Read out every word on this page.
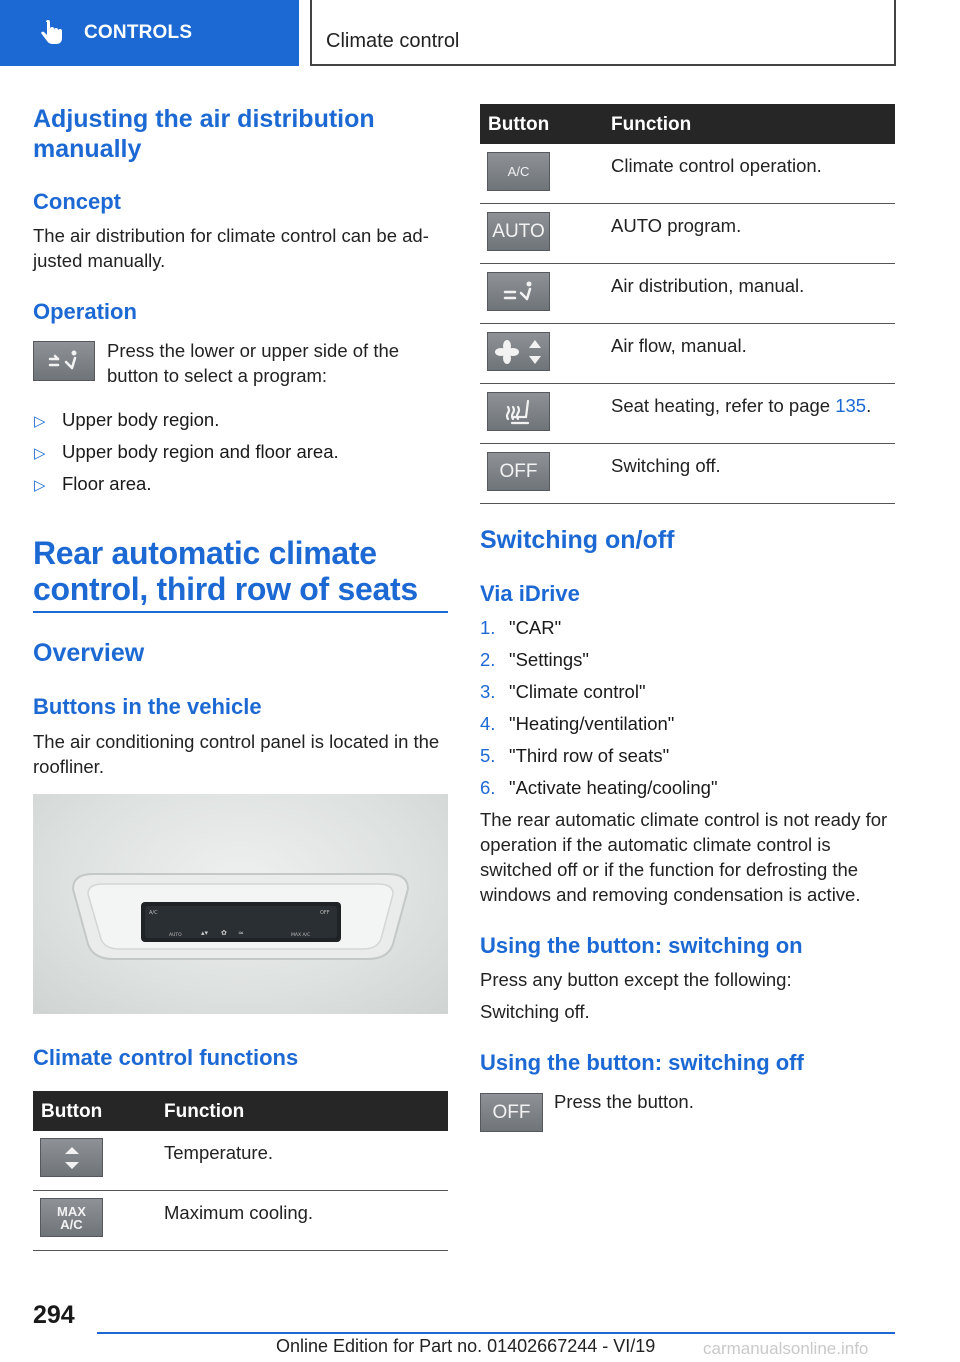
CONTROLS	Climate control
Adjusting the air distribution manually
Concept
The air distribution for climate control can be ad‐justed manually.
Operation
Press the lower or upper side of the button to select a program:
▷ Upper body region.
▷ Upper body region and floor area.
▷ Floor area.
Rear automatic climate control, third row of seats
Overview
Buttons in the vehicle
The air conditioning control panel is located in the roofliner.
A/C	OFF
AUTO	MAX A/C
▴▾ ✿ ≈
Climate control functions
Button	Function
Temperature.
MAX
A/C
Maximum cooling.
Button	Function
A/C	Climate control operation.
AUTO	AUTO program.
Air distribution, manual.
Air flow, manual.
Seat heating, refer to page 135.
OFF	Switching off.
Switching on/off
Via iDrive
1. "CAR"
2. "Settings"
3. "Climate control"
4. "Heating/ventilation"
5. "Third row of seats"
6. "Activate heating/cooling"
The rear automatic climate control is not ready for operation if the automatic climate control is switched off or if the function for defrosting the windows and removing condensation is active.
Using the button: switching on
Press any button except the following:
Switching off.
Using the button: switching off
OFF Press the button.
294
Online Edition for Part no. 01402667244 - VI/19	carmanualsonline.info
